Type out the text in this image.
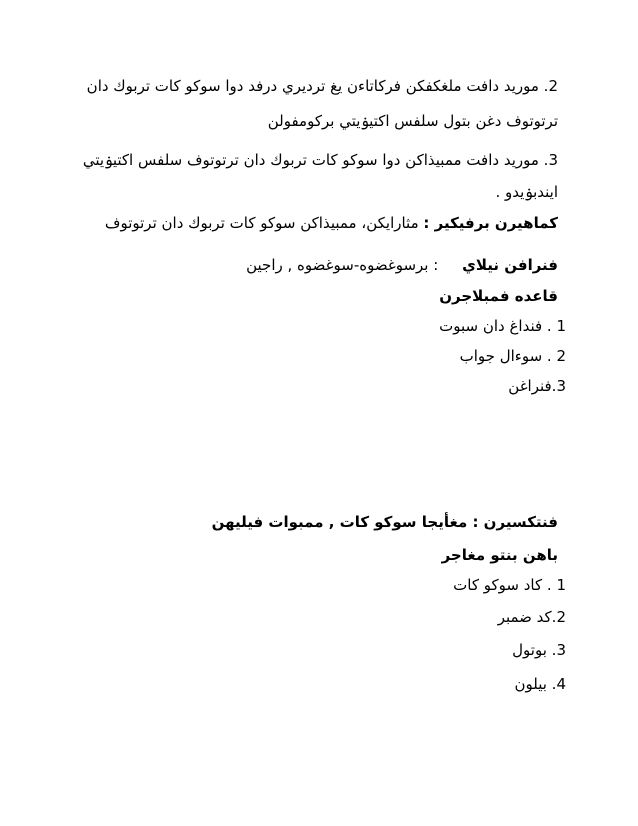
2. موريد دافت ملغكفكن فركاتاءن يغ ترديري درفد دوا سوكو كات تربوك دان
ترتوتوف دغن بتول سلفس اكتيۏيتي بركومفولن
3. موريد دافت ممبيذاكن دوا سوكو كات تربوك دان ترتوتوف سلفس اكتيۏيتي
ايندبۏيدو .
كماهيرن برفيكير : مثارايكن، ممبيذاكن سوكو كات تربوك دان ترتوتوف
فنرافن نيلاي     : برسوغضوه-سوغضوه , راجين
قاعده فمبلاجرن
1 . فنداغ دان سبوت
2 . سوءال جواب
3.فنراغن
فنتكسيرن : مغأيجا سوكو كات , ممبوات فيليهن
باهن بنتو مغاجر
1 . كاد سوكو كات
2.كد ضمبر
3. بوتول
4. بيلون
